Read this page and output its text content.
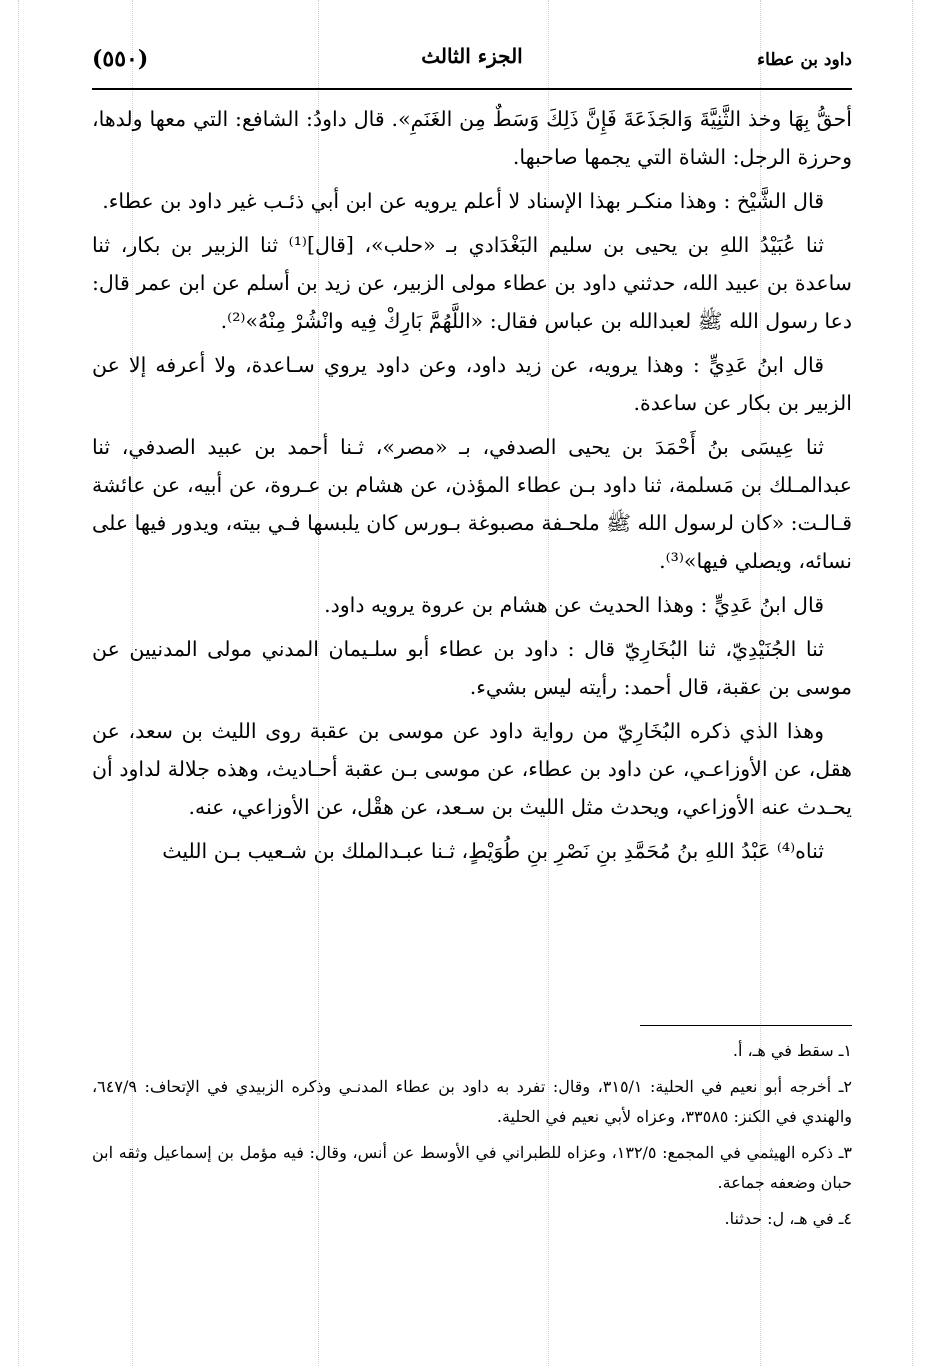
داود بن عطاء
الجزء الثالث
(٥٥٠)

أحقُّ بِهَا وخذ الثَّنِيَّةَ وَالجَذَعَةَ فَإِنَّ ذَلِكَ وَسَطٌ مِن الغَنَمِ». قال داودُ: الشافع: التي معها ولدها، وحرزة الرجل: الشاة التي يجمها صاحبها.

قال الشَّيْخ : وهذا منكـر بهذا الإسناد لا أعلم يرويه عن ابن أبي ذئـب غير داود بن عطاء.

ثنا عُبَيْدُ اللهِ بن يحيى بن سليم البَغْدَادي بـ «حلب»، [قال]⁽¹⁾ ثنا الزبير بن بكار، ثنا ساعدة بن عبيد الله، حدثني داود بن عطاء مولى الزبير، عن زيد بن أسلم عن ابن عمر قال: دعا رسول الله ﷺ لعبدالله بن عباس فقال: «اللَّهُمَّ بَارِكْ فِيه وانْشُرْ مِنْهُ»⁽²⁾.

قال ابنُ عَدِيٍّ : وهذا يرويه، عن زيد داود، وعن داود يروي سـاعدة، ولا أعرفه إلا عن الزبير بن بكار عن ساعدة.

ثنا عِيسَى بنُ أَحْمَدَ بن يحيى الصدفي، بـ «مصر»، ثـنا أحمد بن عبيد الصدفي، ثنا عبدالمـلك بن مَسلمة، ثنا داود بـن عطاء المؤذن، عن هشام بن عـروة، عن أبيه، عن عائشة قـالـت: «كان لرسول الله ﷺ ملحـفة مصبوغة بـورس كان يلبسها فـي بيته، ويدور فيها على نسائه، ويصلي فيها»⁽³⁾.

قال ابنُ عَدِيٍّ : وهذا الحديث عن هشام بن عروة يرويه داود.

ثنا الجُنَيْدِيّ، ثنا البُخَارِيّ قال : داود بن عطاء أبو سلـيمان المدني مولى المدنيين عن موسى بن عقبة، قال أحمد: رأيته ليس بشيء.

وهذا الذي ذكره البُخَارِيّ من رواية داود عن موسى بن عقبة روى الليث بن سعد، عن هقل، عن الأوزاعـي، عن داود بن عطاء، عن موسى بـن عقبة أحـاديث، وهذه جلالة لداود أن يحـدث عنه الأوزاعي، ويحدث مثل الليث بن سـعد، عن هقْل، عن الأوزاعي، عنه.

ثناه⁽⁴⁾ عَبْدُ اللهِ بنُ مُحَمَّدِ بنِ نَصْرِ بنِ طُوَيْطٍ، ثـنا عبـدالملك بن شـعيب بـن الليث

١ـ سقط في هـ، أ.

٢ـ أخرجه أبو نعيم في الحلية: ٣١٥/١، وقال: تفرد به داود بن عطاء المدنـي وذكره الزبيدي في الإتحاف: ٦٤٧/٩، والهندي في الكنز: ٣٣٥٨٥، وعزاه لأبي نعيم في الحلية.

٣ـ ذكره الهيثمي في المجمع: ١٣٢/٥، وعزاه للطبراني في الأوسط عن أنس، وقال: فيه مؤمل بن إسماعيل وثقه ابن حبان وضعفه جماعة.

٤ـ في هـ، ل: حدثنا.
